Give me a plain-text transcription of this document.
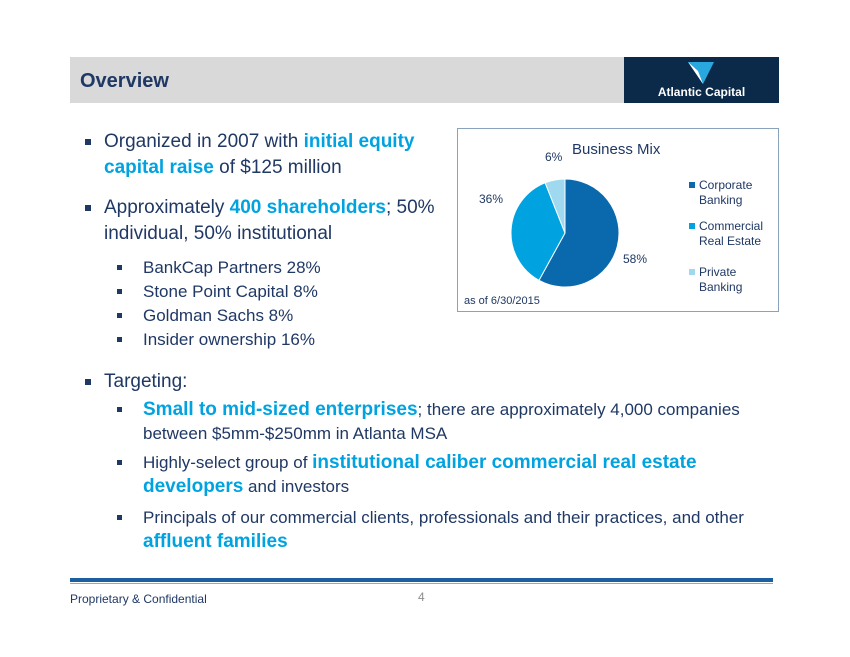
Overview	Atlantic Capital
Organized in 2007 with initial equity capital raise of $125 million
Approximately 400 shareholders; 50% individual, 50% institutional
BankCap Partners 28%
Stone Point Capital 8%
Goldman Sachs 8%
Insider ownership 16%
Targeting:
Small to mid-sized enterprises; there are approximately 4,000 companies between $5mm-$250mm in Atlanta MSA
Highly-select group of institutional caliber commercial real estate developers and investors
Principals of our commercial clients, professionals and their practices, and other affluent families
Business Mix
58%
36%
6%
Corporate Banking
Commercial Real Estate
Private Banking
as of 6/30/2015
Proprietary & Confidential	4
